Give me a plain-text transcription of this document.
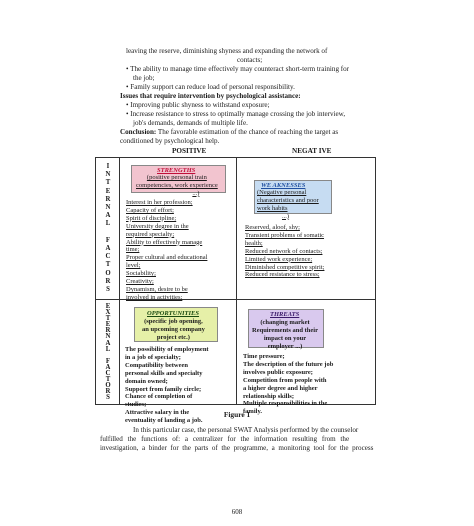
leaving the reserve, diminishing shyness and expanding the network of
contacts;
• The ability to manage time effectively may counteract short-term training for
the job;
• Family support can reduce load of personal responsibility.
Issues that require intervention by psychological assistance:
• Improving public shyness to withstand exposure;
• Increase resistance to stress to optimally manage crossing the job interview,
job's demands, demands of multiple life.
Conclusion: The favorable estimation of the chance of reaching the target as
conditioned by psychological help.
POSITIVE	NEGAT IVE
I
N
T
E
R
N
A
L

F
A
C
T
O
R
S
E
X
T
E
R
N
A
L

F
A
C
T
O
R
S
STRENGTHS
(positive personal train
competencies, work experience
...)
Interest in her profession;
Capacity of effort;
Spirit of discipline;
University degree in the
required specialty;
Ability to effectively manage
time;
Proper cultural and educational
level;
Sociability;
Creativity;
Dynamism, desire to be
involved in activities;
WE AKNESSES
(Negative personal
characteristics and poor
work habits
...)
Reserved, aloof, shy;
Transient problems of somatic
health;
Reduced network of contacts;
Limited work experience;
Diminished competitive spirit;
Reduced resistance to stress;
OPPORTUNITIES
(specific job opening,
an upcoming company
project etc.)
The possibility of employment
in a job of specialty;
Compatibility between
personal skills and specialty
domain owned;
Support from family circle;
Chance of completion of
studies;
Attractive salary in the
eventuality of landing a job.
THREATS
(changing market
Requirements and their
impact on your
employer ...)
Time pressure;
The description of the future job
involves public exposure;
Competition from people with
a higher degree and higher
relationship skills;
Multiple responsibilities in the
family.
Figure 1
In this particular case, the personal SWAT Analysis performed by the counselor
fulfilled the functions of: a centralizer for the information resulting from the
investigation, a binder for the parts of the programme, a monitoring tool for the process
608
